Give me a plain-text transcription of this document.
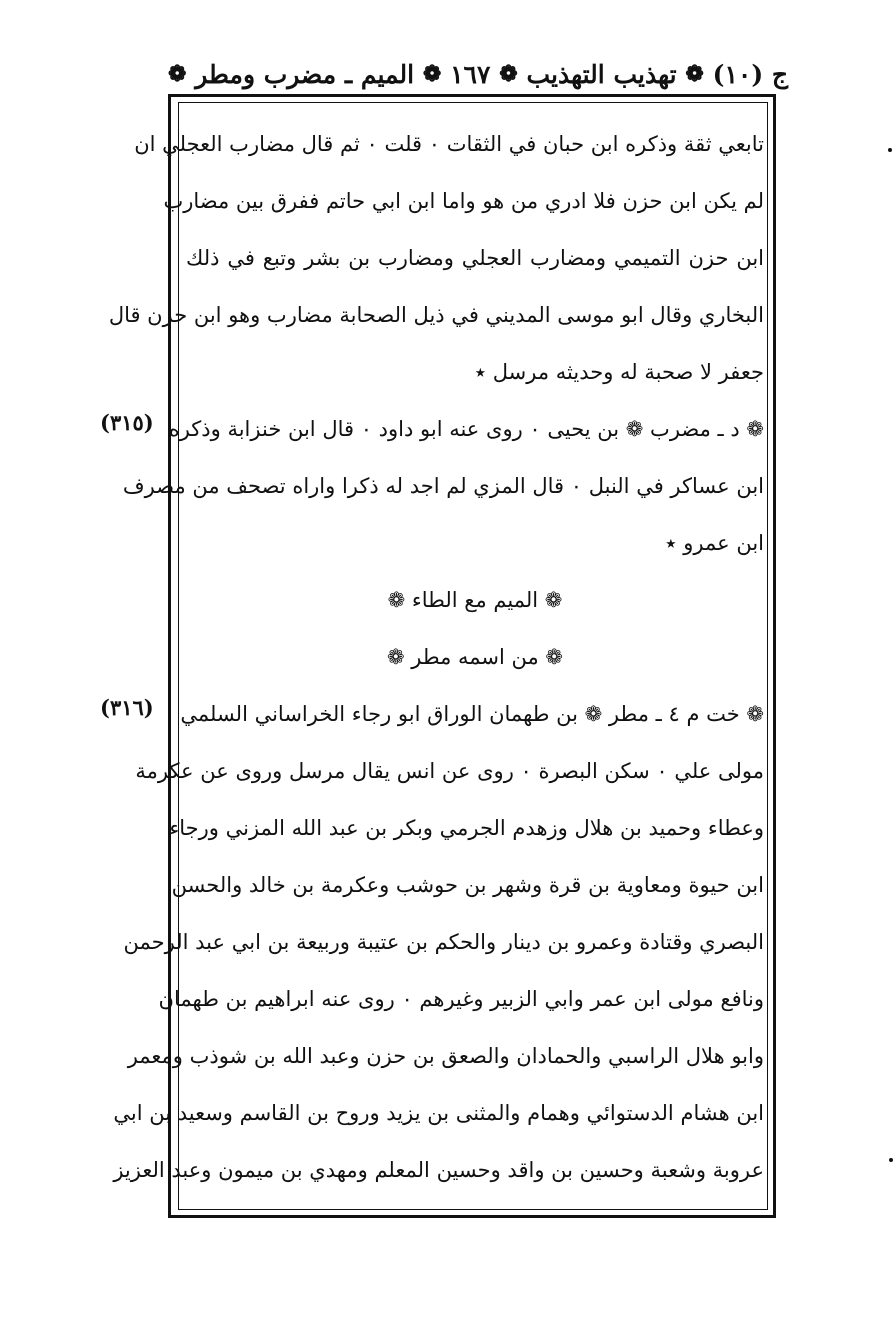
ج (١٠)
❁
تهذيب التهذيب
❁
١٦٧
❁
الميم ـ مضرب ومطر
❁
(٣١٥)
(٣١٦)
تابعي ثقة وذكره ابن حبان في الثقات ٠ قلت ٠ ثم قال مضارب العجلي ان
لم يكن ابن حزن فلا ادري من هو واما ابن ابي حاتم ففرق بين مضارب
ابن حزن التميمي ومضارب العجلي ومضارب بن بشر وتبع في ذلك
البخاري وقال ابو موسى المديني في ذيل الصحابة مضارب وهو ابن حزن قال
جعفر لا صحبة له وحديثه مرسل ٭
❁ د ـ مضرب ❁ بن يحيى ٠ روى عنه ابو داود ٠ قال ابن خنزابة وذكره
ابن عساكر في النبل ٠ قال المزي لم اجد له ذكرا واراه تصحف من مصرف
ابن عمرو ٭
❁ الميم مع الطاء ❁
❁ من اسمه مطر ❁
❁ خت م ٤ ـ مطر ❁ بن طهمان الوراق ابو رجاء الخراساني السلمي
مولى علي ٠ سكن البصرة ٠ روى عن انس يقال مرسل وروى عن عكرمة
وعطاء وحميد بن هلال وزهدم الجرمي وبكر بن عبد الله المزني ورجاء
ابن حيوة ومعاوية بن قرة وشهر بن حوشب وعكرمة بن خالد والحسن
البصري وقتادة وعمرو بن دينار والحكم بن عتيبة وربيعة بن ابي عبد الرحمن
ونافع مولى ابن عمر وابي الزبير وغيرهم ٠ روى عنه ابراهيم بن طهمان
وابو هلال الراسبي والحمادان والصعق بن حزن وعبد الله بن شوذب ومعمر
ابن هشام الدستوائي وهمام والمثنى بن يزيد وروح بن القاسم وسعيد بن ابي
عروبة وشعبة وحسين بن واقد وحسين المعلم ومهدي بن ميمون وعبد العزيز
